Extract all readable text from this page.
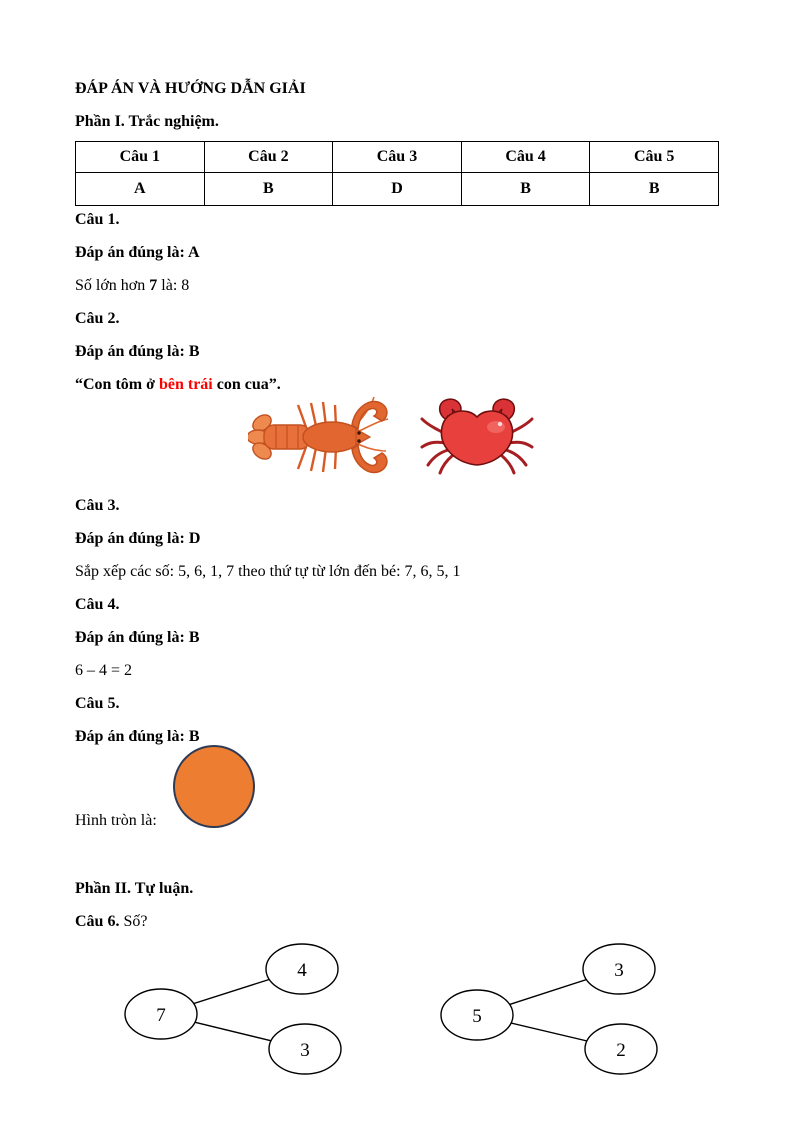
ĐÁP ÁN VÀ HƯỚNG DẪN GIẢI
Phần I. Trắc nghiệm.
Câu 1	Câu 2	Câu 3	Câu 4	Câu 5
A	B	D	B	B
Câu 1.
Đáp án đúng là: A
Số lớn hơn 7 là: 8
Câu 2.
Đáp án đúng là: B
“Con tôm ở bên trái con cua”.
Câu 3.
Đáp án đúng là: D
Sắp xếp các số: 5, 6, 1, 7 theo thứ tự từ lớn đến bé: 7, 6, 5, 1
Câu 4.
Đáp án đúng là: B
6 – 4 = 2
Câu 5.
Đáp án đúng là: B
Hình tròn là:
Phần II. Tự luận.
Câu 6. Số?
7
4
3
5
3
2
